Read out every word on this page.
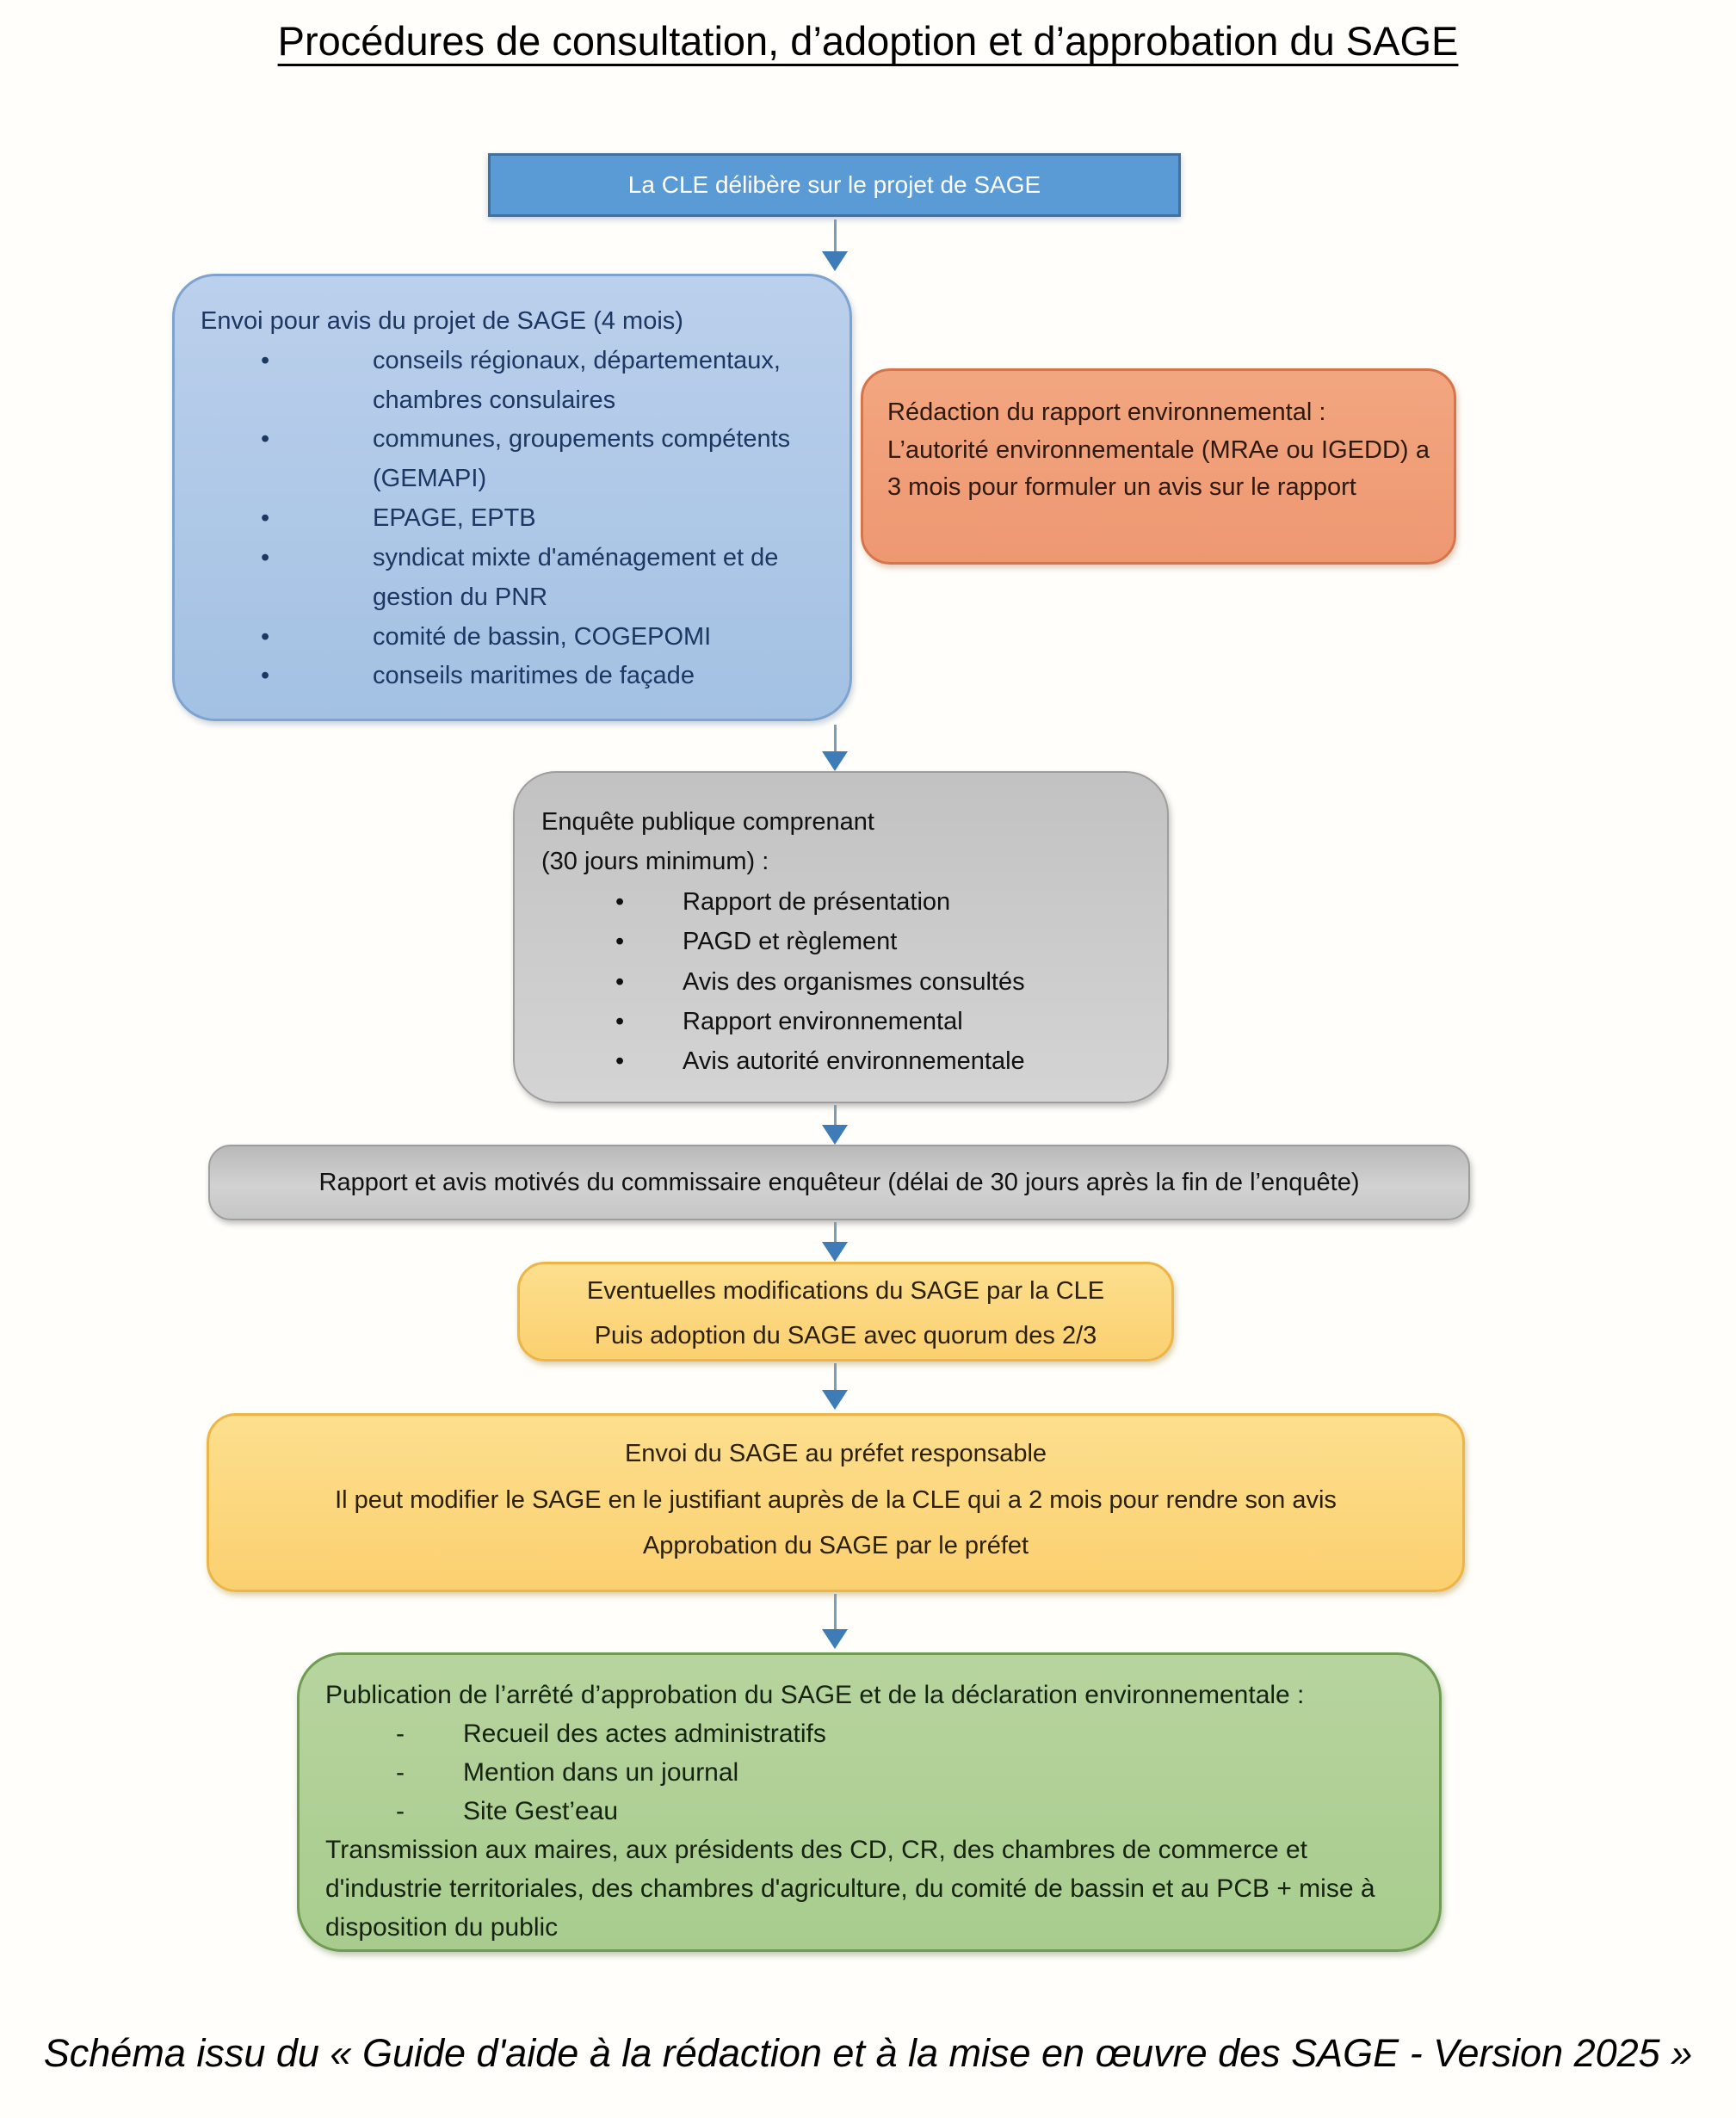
Procédures de consultation, d’adoption et d’approbation du SAGE
La CLE délibère sur le projet de SAGE
Envoi pour avis du projet de SAGE (4 mois)
•	conseils régionaux, départementaux, chambres consulaires
•	communes, groupements compétents (GEMAPI)
•	EPAGE, EPTB
•	syndicat mixte d'aménagement et de gestion du PNR
•	comité de bassin, COGEPOMI
•	conseils maritimes de façade
Rédaction du rapport environnemental :
L’autorité environnementale (MRAe ou IGEDD) a 3 mois pour formuler un avis sur le rapport
Enquête publique comprenant
(30 jours minimum) :
•	Rapport de présentation
•	PAGD et règlement
•	Avis des organismes consultés
•	Rapport environnemental
•	Avis autorité environnementale
Rapport et avis motivés du commissaire enquêteur (délai de 30 jours après la fin de l’enquête)
Eventuelles modifications du SAGE par la CLE
Puis adoption du SAGE avec quorum des 2/3
Envoi du SAGE au préfet responsable
Il peut modifier le SAGE en le justifiant auprès de la CLE qui a 2 mois pour rendre son avis
Approbation du SAGE par le préfet
Publication de l’arrêté d’approbation du SAGE et de la déclaration environnementale :
-	Recueil des actes administratifs
-	Mention dans un journal
-	Site Gest’eau

Transmission aux maires, aux présidents des CD, CR, des chambres de commerce et d'industrie territoriales, des chambres d'agriculture, du comité de bassin et au PCB + mise à disposition du public

Schéma issu du « Guide d'aide à la rédaction et à la mise en œuvre des SAGE - Version 2025 »
